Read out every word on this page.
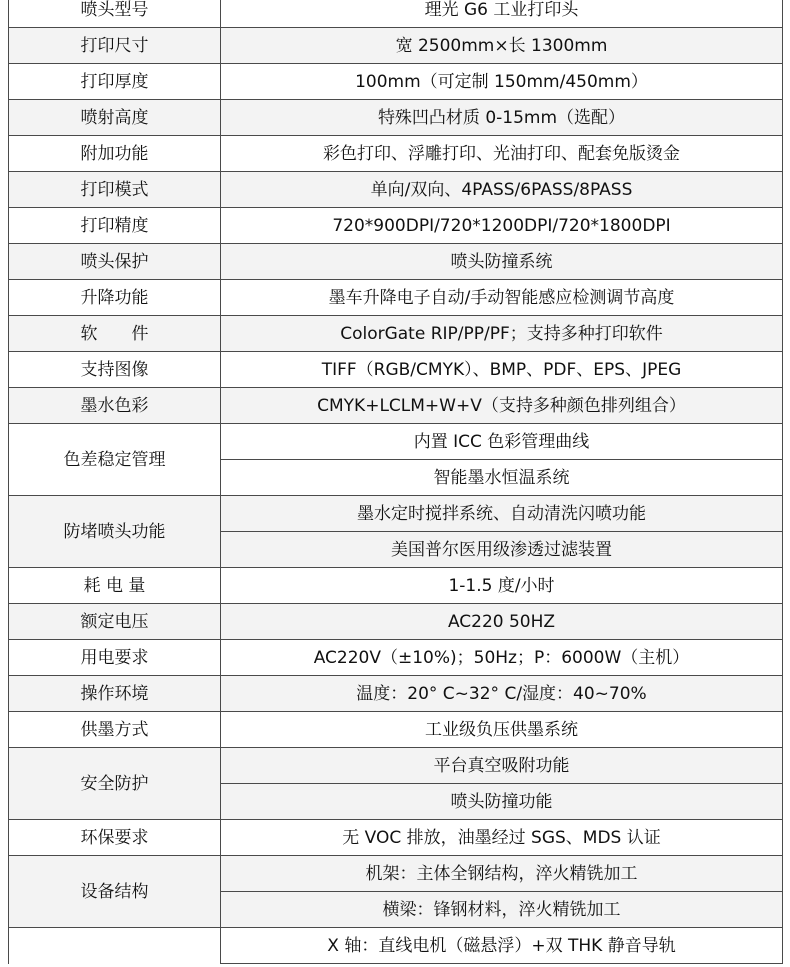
喷头型号	理光 G6 工业打印头
打印尺寸	宽 2500mm×长 1300mm
打印厚度	100mm（可定制 150mm/450mm）
喷射高度	特殊凹凸材质 0-15mm（选配）
附加功能	彩色打印、浮雕打印、光油打印、配套免版烫金
打印模式	单向/双向、4PASS/6PASS/8PASS
打印精度	720*900DPI/720*1200DPI/720*1800DPI
喷头保护	喷头防撞系统
升降功能	墨车升降电子自动/手动智能感应检测调节高度
软　　件	ColorGate RIP/PP/PF；支持多种打印软件
支持图像	TIFF（RGB/CMYK）、BMP、PDF、EPS、JPEG
墨水色彩	CMYK+LCLM+W+V（支持多种颜色排列组合）
色差稳定管理	内置 ICC 色彩管理曲线
	智能墨水恒温系统
防堵喷头功能	墨水定时搅拌系统、自动清洗闪喷功能
	美国普尔医用级渗透过滤装置
耗 电 量	1-1.5 度/小时
额定电压	AC220 50HZ
用电要求	AC220V（±10%)；50Hz；P：6000W（主机）
操作环境	温度：20° C~32° C/湿度：40~70%
供墨方式	工业级负压供墨系统
安全防护	平台真空吸附功能
	喷头防撞功能
环保要求	无 VOC 排放，油墨经过 SGS、MDS 认证
设备结构	机架：主体全钢结构，淬火精铣加工
	横梁：锋钢材料，淬火精铣加工
	X 轴：直线电机（磁悬浮）+双 THK 静音导轨
